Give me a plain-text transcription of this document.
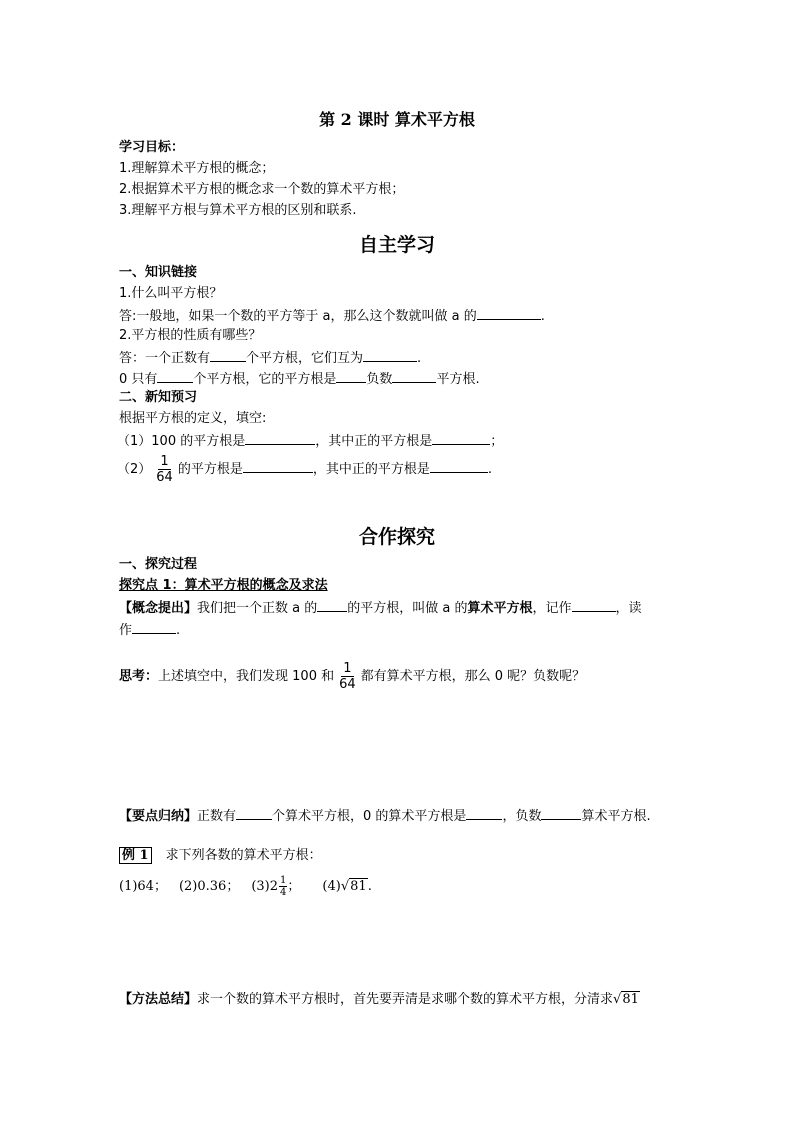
第 2 课时 算术平方根
学习目标：
1.理解算术平方根的概念；
2.根据算术平方根的概念求一个数的算术平方根；
3.理解平方根与算术平方根的区别和联系.
自主学习
一、知识链接
1.什么叫平方根？
答:一般地，如果一个数的平方等于 a，那么这个数就叫做 a 的	.
2.平方根的性质有哪些？
答：一个正数有	个平方根，它们互为	.
0 只有	个平方根，它的平方根是 负数	平方根.
二、新知预习
根据平方根的定义，填空:
（1）100 的平方根是	，其中正的平方根是	；
$(2) \frac{1}{64}$ 的平方根是	，其中正的平方根是	.
合作探究
一、探究过程
探究点 1：算术平方根的概念及求法
【概念提出】我们把一个正数 a 的 的平方根，叫做 a 的算术平方根，记作	，读
作	.
思考：上述填空中，我们发现 100 和 $\frac{1}{64}$ 都有算术平方根，那么 0 呢？负数呢？
【要点归纳】正数有	个算术平方根，0 的算术平方根是	，负数	算术平方根.
例 1 求下列各数的算术平方根：
(1)64； (2)0.36； $(3)2 \frac{1}{4}$ ； (4)√81.
【方法总结】求一个数的算术平方根时，首先要弄清是求哪个数的算术平方根，分清求√81
